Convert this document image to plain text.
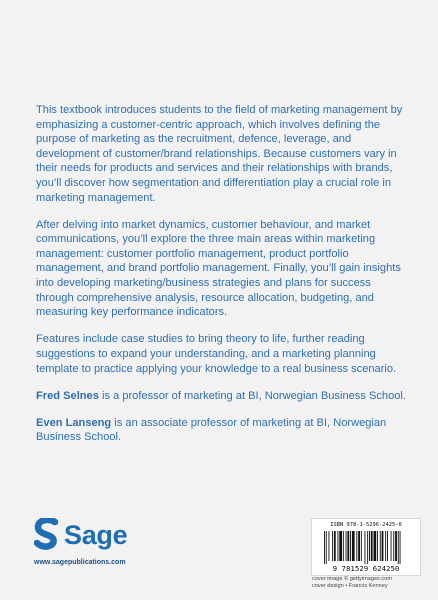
This textbook introduces students to the field of marketing management by emphasizing a customer-centric approach, which involves defining the purpose of marketing as the recruitment, defence, leverage, and development of customer/brand relationships. Because customers vary in their needs for products and services and their relationships with brands, you’ll discover how segmentation and differentiation play a crucial role in marketing management.

After delving into market dynamics, customer behaviour, and market communications, you’ll explore the three main areas within marketing management: customer portfolio management, product portfolio management, and brand portfolio management. Finally, you’ll gain insights into developing marketing/business strategies and plans for success through comprehensive analysis, resource allocation, budgeting, and measuring key performance indicators.

Features include case studies to bring theory to life, further reading suggestions to expand your understanding, and a marketing planning template to practice applying your knowledge to a real business scenario.

Fred Selnes is a professor of marketing at BI, Norwegian Business School.

Even Lanseng is an associate professor of marketing at BI, Norwegian Business School.

Sage
www.sagepublications.com
ISBN 978-1-5296-2425-0
9 781529 624250
cover image © gettyimages.com
cover design • Francis Kenney
